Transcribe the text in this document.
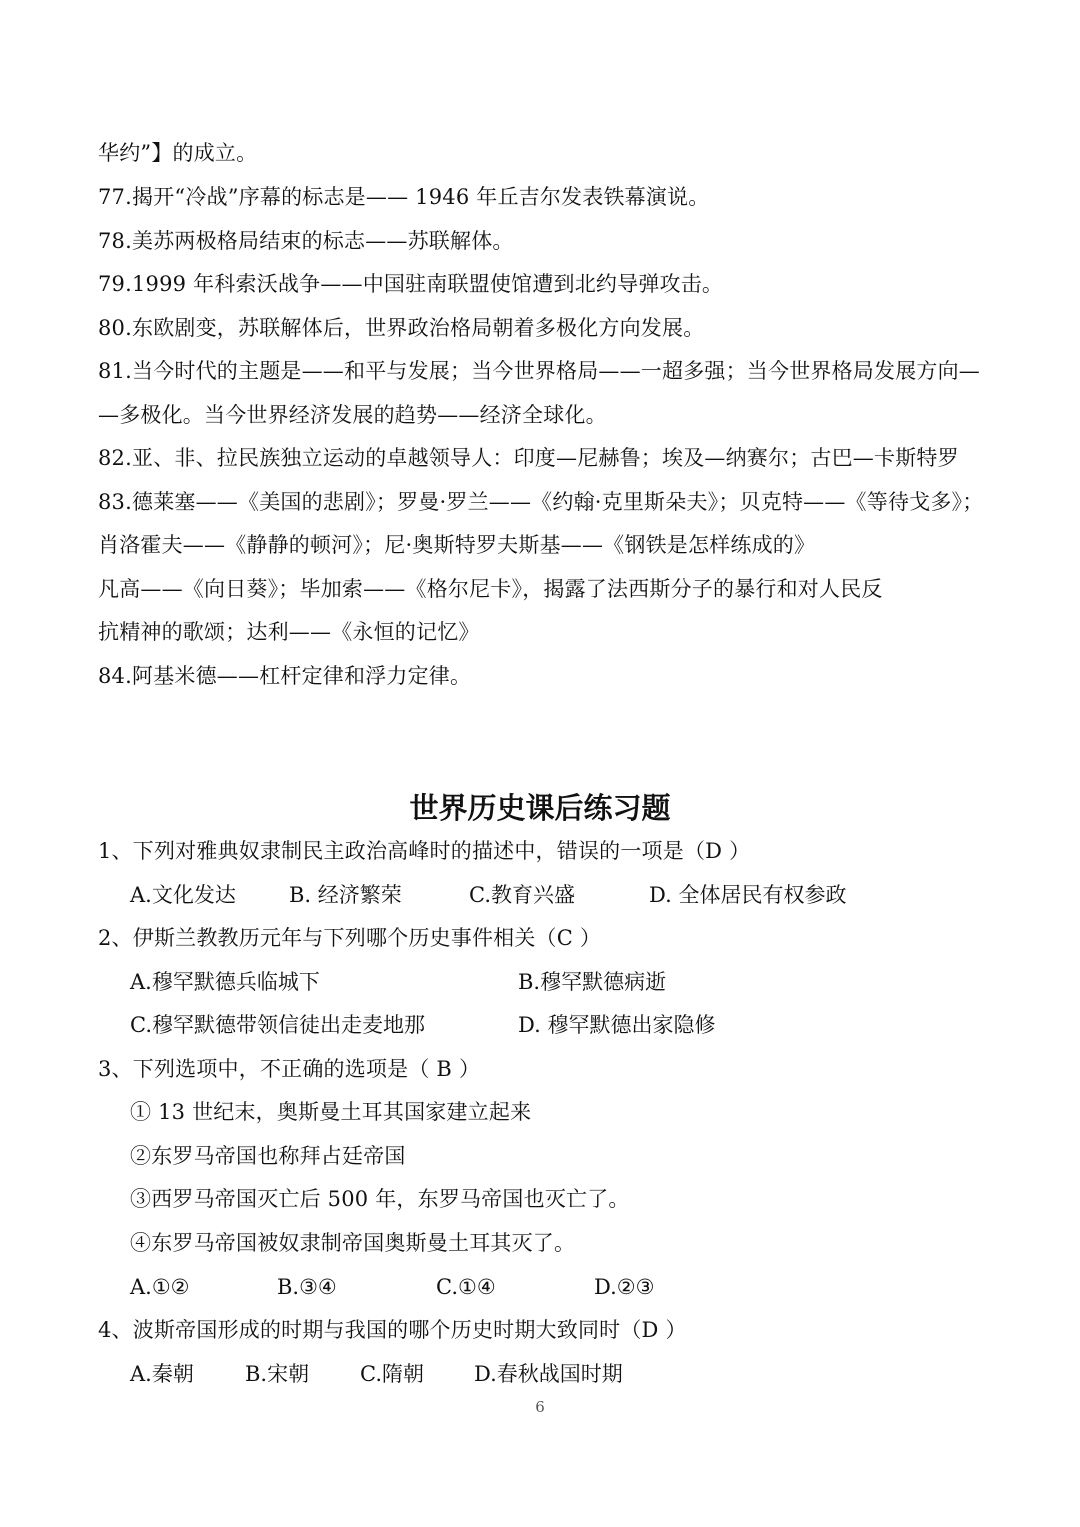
华约”】的成立。
77.揭开“冷战”序幕的标志是—— 1946 年丘吉尔发表铁幕演说。
78.美苏两极格局结束的标志——苏联解体。
79.1999 年科索沃战争——中国驻南联盟使馆遭到北约导弹攻击。
80.东欧剧变，苏联解体后，世界政治格局朝着多极化方向发展。
81.当今时代的主题是——和平与发展；当今世界格局——一超多强；当今世界格局发展方向—
—多极化。当今世界经济发展的趋势——经济全球化。
82.亚、非、拉民族独立运动的卓越领导人：印度—尼赫鲁；埃及—纳赛尔；古巴—卡斯特罗
83.德莱塞——《美国的悲剧》；罗曼·罗兰——《约翰·克里斯朵夫》；贝克特——《等待戈多》；
肖洛霍夫——《静静的顿河》；尼·奥斯特罗夫斯基——《钢铁是怎样练成的》
凡高——《向日葵》；毕加索——《格尔尼卡》，揭露了法西斯分子的暴行和对人民反
抗精神的歌颂；达利——《永恒的记忆》
84.阿基米德——杠杆定律和浮力定律。
世界历史课后练习题
1、下列对雅典奴隶制民主政治高峰时的描述中，错误的一项是（D ）
A.文化发达	B. 经济繁荣	C.教育兴盛	D. 全体居民有权参政
2、伊斯兰教教历元年与下列哪个历史事件相关（C ）
A.穆罕默德兵临城下	B.穆罕默德病逝
C.穆罕默德带领信徒出走麦地那	D. 穆罕默德出家隐修
3、下列选项中，不正确的选项是（ B ）
① 13 世纪末，奥斯曼土耳其国家建立起来
②东罗马帝国也称拜占廷帝国
③西罗马帝国灭亡后 500 年，东罗马帝国也灭亡了。
④东罗马帝国被奴隶制帝国奥斯曼土耳其灭了。
A.①②	B.③④	C.①④	D.②③
4、波斯帝国形成的时期与我国的哪个历史时期大致同时（D ）
A.秦朝 B.宋朝 C.隋朝 D.春秋战国时期
6
